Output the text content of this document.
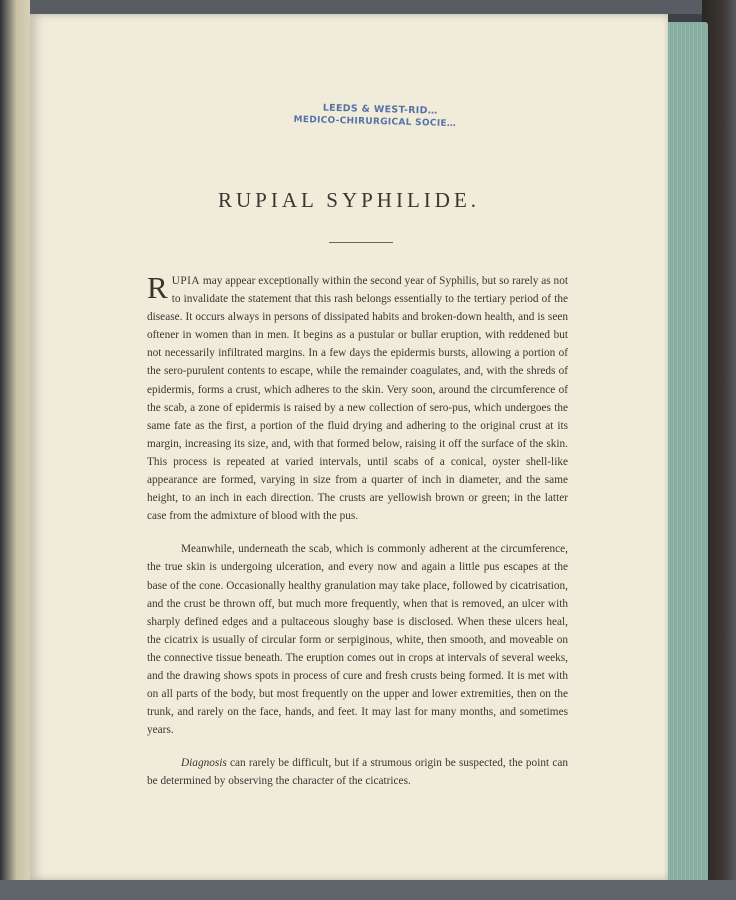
LEEDS & WEST-RID…
MEDICO-CHIRURGICAL SOCIE…
RUPIAL SYPHILIDE.

RUPIA may appear exceptionally within the second year of Syphilis, but so rarely as not to invalidate the statement that this rash belongs essentially to the tertiary period of the disease. It occurs always in persons of dissipated habits and broken-down health, and is seen oftener in women than in men. It begins as a pustular or bullar eruption, with reddened but not necessarily infiltrated margins. In a few days the epidermis bursts, allowing a portion of the sero-purulent contents to escape, while the remainder coagulates, and, with the shreds of epidermis, forms a crust, which adheres to the skin. Very soon, around the circumference of the scab, a zone of epidermis is raised by a new collection of sero-pus, which undergoes the same fate as the first, a portion of the fluid drying and adhering to the original crust at its margin, increasing its size, and, with that formed below, raising it off the surface of the skin. This process is repeated at varied intervals, until scabs of a conical, oyster shell-like appearance are formed, varying in size from a quarter of inch in diameter, and the same height, to an inch in each direction. The crusts are yellowish brown or green; in the latter case from the admixture of blood with the pus.

Meanwhile, underneath the scab, which is commonly adherent at the circumference, the true skin is undergoing ulceration, and every now and again a little pus escapes at the base of the cone. Occasionally healthy granulation may take place, followed by cicatrisation, and the crust be thrown off, but much more frequently, when that is removed, an ulcer with sharply defined edges and a pultaceous sloughy base is disclosed. When these ulcers heal, the cicatrix is usually of circular form or serpiginous, white, then smooth, and moveable on the connective tissue beneath. The eruption comes out in crops at intervals of several weeks, and the drawing shows spots in process of cure and fresh crusts being formed. It is met with on all parts of the body, but most frequently on the upper and lower extremities, then on the trunk, and rarely on the face, hands, and feet. It may last for many months, and sometimes years.

Diagnosis can rarely be difficult, but if a strumous origin be suspected, the point can be determined by observing the character of the cicatrices.
